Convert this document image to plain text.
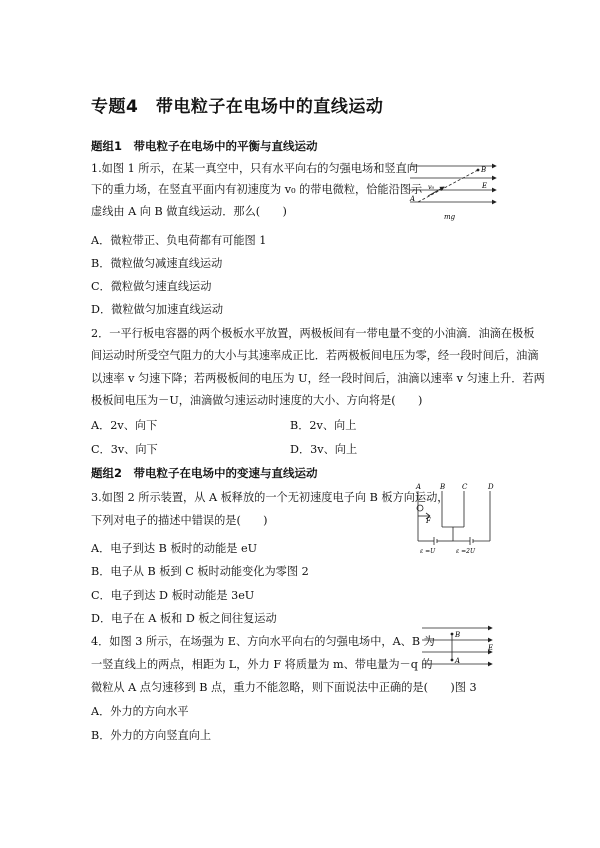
专题4　带电粒子在电场中的直线运动
题组1　带电粒子在电场中的平衡与直线运动
1.如图 1 所示，在某一真空中，只有水平向右的匀强电场和竖直向
下的重力场，在竖直平面内有初速度为 v₀ 的带电微粒，恰能沿图示
虚线由 A 向 B 做直线运动．那么(　　)
A．微粒带正、负电荷都有可能图 1
B．微粒做匀减速直线运动
C．微粒做匀速直线运动
D．微粒做匀加速直线运动
B
v₀	E
A
mg
2．一平行板电容器的两个极板水平放置，两极板间有一带电量不变的小油滴．油滴在极板
间运动时所受空气阻力的大小与其速率成正比．若两极板间电压为零，经一段时间后，油滴
以速率 v 匀速下降；若两极板间的电压为 U，经一段时间后，油滴以速率 v 匀速上升．若两
极板间电压为－U，油滴做匀速运动时速度的大小、方向将是(　　)
A．2v、向下	B．2v、向上
C．3v、向下	D．3v、向上
题组2　带电粒子在电场中的变速与直线运动
3.如图 2 所示装置，从 A 板释放的一个无初速度电子向 B 板方向运动，
下列对电子的描述中错误的是(　　)
A．电子到达 B 板时的动能是 eU
B．电子从 B 板到 C 板时动能变化为零图 2
C．电子到达 D 板时动能是 3eU
D．电子在 A 板和 D 板之间往复运动
A	B C	D
F
ε =U	ε =2U
4．如图 3 所示，在场强为 E、方向水平向右的匀强电场中，A、B 为
一竖直线上的两点，相距为 L，外力 F 将质量为 m、带电量为－q 的
微粒从 A 点匀速移到 B 点，重力不能忽略，则下面说法中正确的是(　　)图 3
A．外力的方向水平
B．外力的方向竖直向上
B
A
E
